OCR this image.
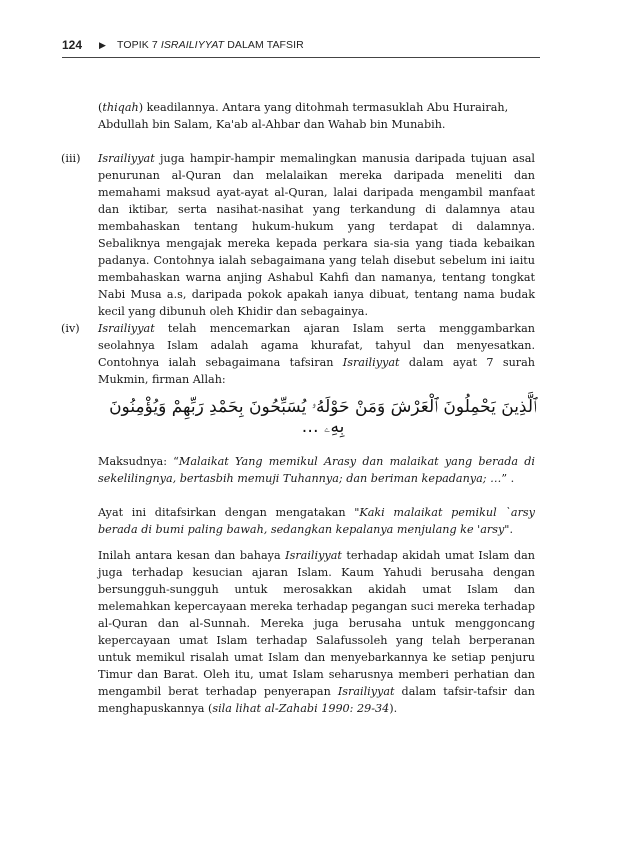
124 ▶ TOPIK 7 ISRAILIYYAT DALAM TAFSIR

(thiqah) keadilannya. Antara yang ditohmah termasuklah Abu Hurairah,
Abdullah bin Salam, Ka'ab al-Ahbar dan Wahab bin Munabih.

(iii) Israiliyyat juga hampir-hampir memalingkan manusia daripada tujuan asal penurunan al-Quran dan melalaikan mereka daripada meneliti dan memahami maksud ayat-ayat al-Quran, lalai daripada mengambil manfaat dan iktibar, serta nasihat-nasihat yang terkandung di dalamnya atau membahaskan tentang hukum-hukum yang terdapat di dalamnya. Sebaliknya mengajak mereka kepada perkara sia-sia yang tiada kebaikan padanya. Contohnya ialah sebagaimana yang telah disebut sebelum ini iaitu membahaskan warna anjing Ashabul Kahfi dan namanya, tentang tongkat Nabi Musa a.s, daripada pokok apakah ianya dibuat, tentang nama budak kecil yang dibunuh oleh Khidir dan sebagainya.

(iv) Israiliyyat telah mencemarkan ajaran Islam serta menggambarkan seolahnya Islam adalah agama khurafat, tahyul dan menyesatkan. Contohnya ialah sebagaimana tafsiran Israiliyyat dalam ayat 7 surah Mukmin, firman Allah:

ٱلَّذِينَ يَحْمِلُونَ ٱلْعَرْشَ وَمَنْ حَوْلَهُۥ يُسَبِّحُونَ بِحَمْدِ رَبِّهِمْ وَيُؤْمِنُونَ بِهِۦ …

Maksudnya: “Malaikat Yang memikul Arasy dan malaikat yang berada di sekelilingnya, bertasbih memuji Tuhannya; dan beriman kepadanya; …” .

Ayat ini ditafsirkan dengan mengatakan "Kaki malaikat pemikul `arsy berada di bumi paling bawah, sedangkan kepalanya menjulang ke 'arsy".

Inilah antara kesan dan bahaya Israiliyyat terhadap akidah umat Islam dan juga terhadap kesucian ajaran Islam. Kaum Yahudi berusaha dengan bersungguh-sungguh untuk merosakkan akidah umat Islam dan melemahkan kepercayaan mereka terhadap pegangan suci mereka terhadap al-Quran dan al-Sunnah. Mereka juga berusaha untuk menggoncang kepercayaan umat Islam terhadap Salafussoleh yang telah berperanan untuk memikul risalah umat Islam dan menyebarkannya ke setiap penjuru Timur dan Barat. Oleh itu, umat Islam seharusnya memberi perhatian dan mengambil berat terhadap penyerapan Israiliyyat dalam tafsir-tafsir dan menghapuskannya (sila lihat al-Zahabi 1990: 29-34).
